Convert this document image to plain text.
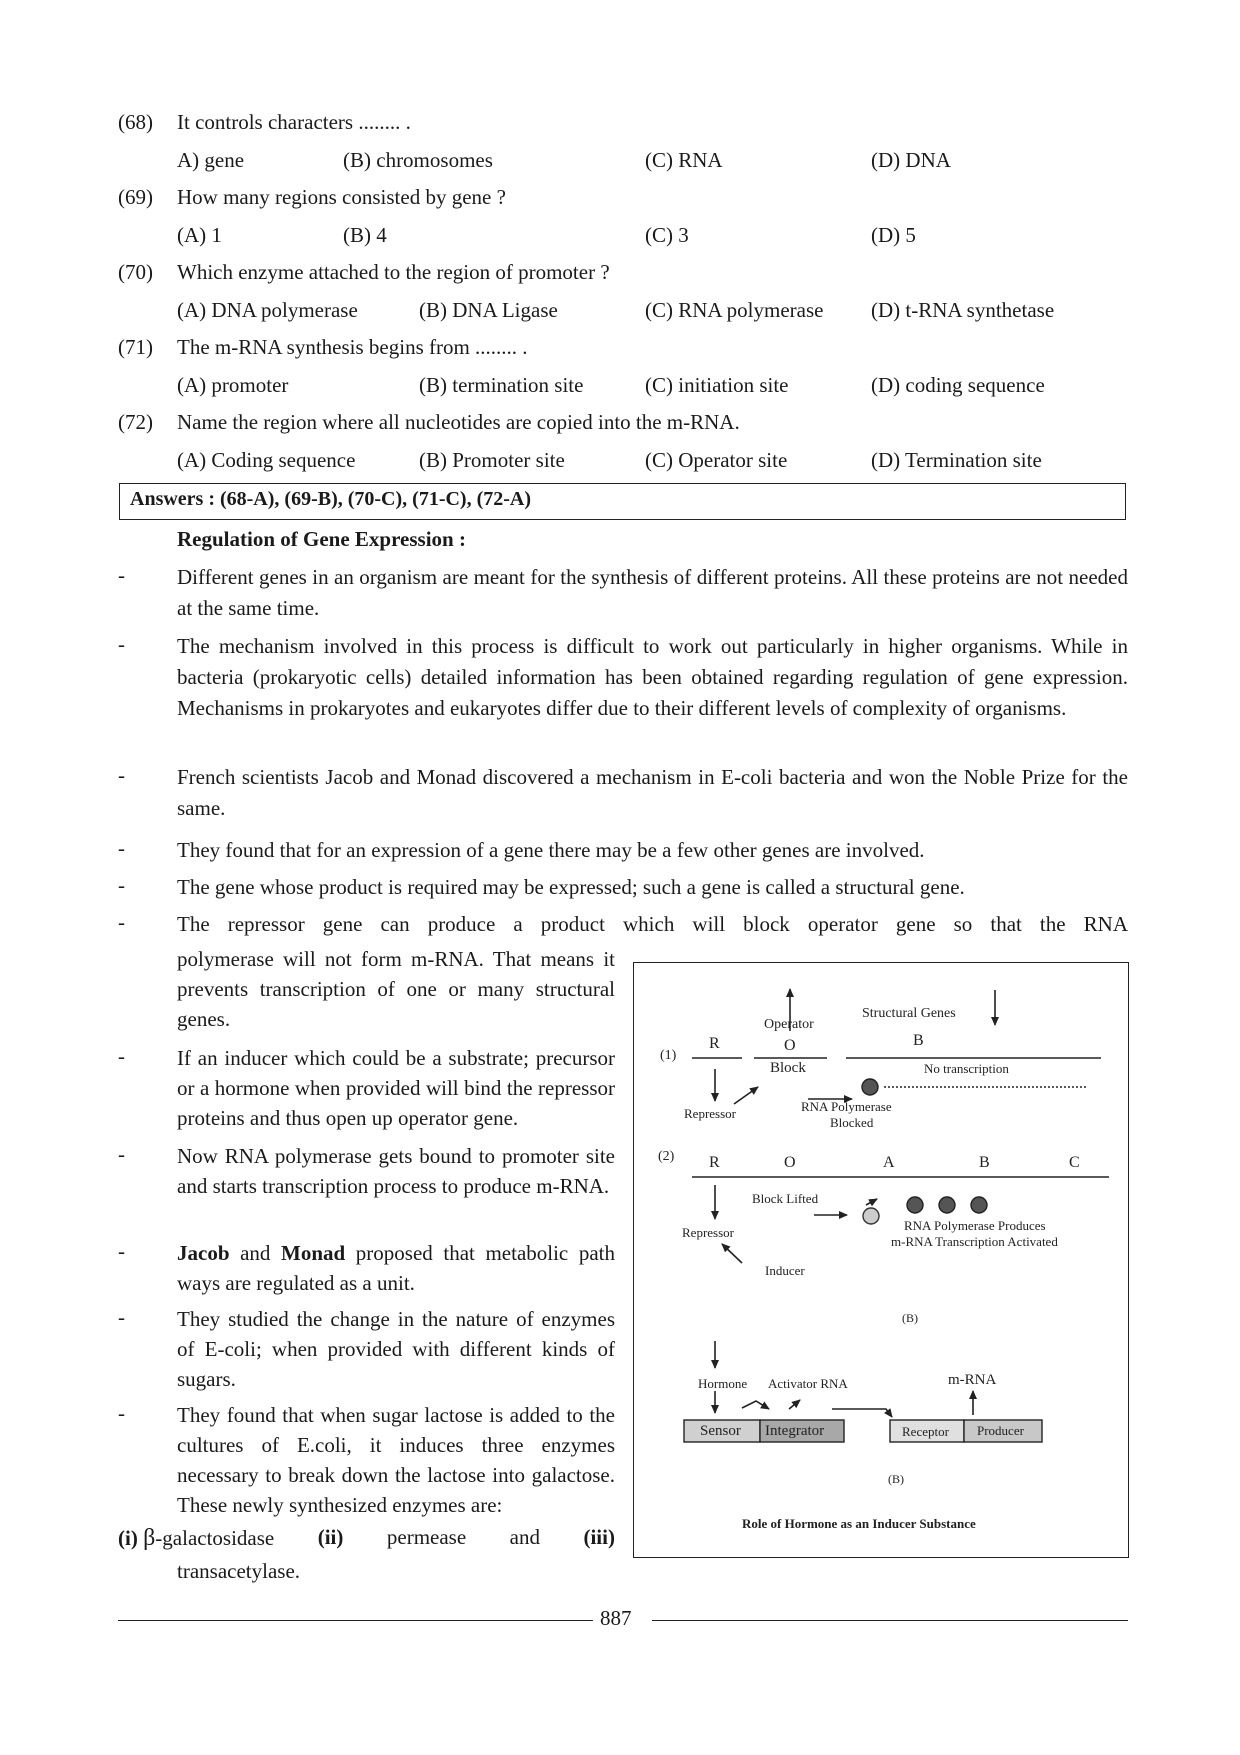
(68) It controls characters ........ .
A) gene	(B) chromosomes	(C) RNA	(D) DNA
(69) How many regions consisted by gene ?
(A) 1	(B) 4	(C) 3	(D) 5
(70) Which enzyme attached to the region of promoter ?
(A) DNA polymerase	(B) DNA Ligase	(C) RNA polymerase (D) t-RNA synthetase
(71) The m-RNA synthesis begins from ........ .
(A) promoter	(B) termination site	(C) initiation site	(D) coding sequence
(72) Name the region where all nucleotides are copied into the m-RNA.
(A) Coding sequence	(B) Promoter site	(C) Operator site	(D) Termination site
Answers : (68-A), (69-B), (70-C), (71-C), (72-A)
Regulation of Gene Expression :
- Different genes in an organism are meant for the synthesis of different proteins. All these proteins are not needed at the same time.
- The mechanism involved in this process is difficult to work out particularly in higher organisms. While in bacteria (prokaryotic cells) detailed information has been obtained regarding regulation of gene expression. Mechanisms in prokaryotes and eukaryotes differ due to their different levels of complexity of organisms.
- French scientists Jacob and Monad discovered a mechanism in E-coli bacteria and won the Noble Prize for the same.
- They found that for an expression of a gene there may be a few other genes are involved.
- The gene whose product is required may be expressed; such a gene is called a structural gene.
- The repressor gene can produce a product which will block operator gene so that the RNA
polymerase will not form m-RNA. That means it prevents transcription of one or many structural genes.
- If an inducer which could be a substrate; precursor or a hormone when provided will bind the repressor proteins and thus open up operator gene.
- Now RNA polymerase gets bound to promoter site and starts transcription process to produce m-RNA.
- Jacob and Monad proposed that metabolic path ways are regulated as a unit.
- They studied the change in the nature of enzymes of E-coli; when provided with different kinds of sugars.
- They found that when sugar lactose is added to the cultures of E.coli, it induces three enzymes necessary to break down the lactose into galactose. These newly synthesized enzymes are:
(i) β-galactosidase (ii) permease and (iii)
transacetylase.
Operator
Structural Genes
B
R	O
(1)
Block	No transcription
Repressor	RNA Polymerase
Blocked
(2) R	O	A	B	C
Block Lifted
Repressor	RNA Polymerase Produces
m-RNA Transcription Activated
Inducer
(B)
Hormone Activator RNA	m-RNA
Sensor Integrator	Receptor Producer
(B)
Role of Hormone as an Inducer Substance
887
